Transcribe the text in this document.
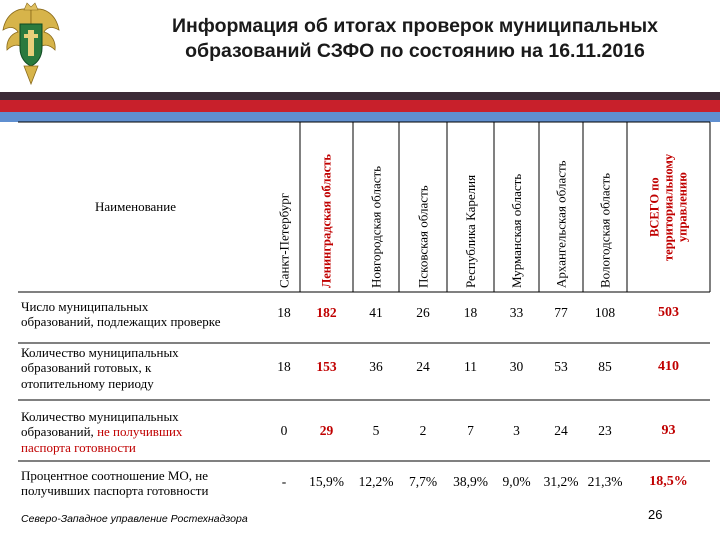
Информация об итогах проверок муниципальных
образований СЗФО по состоянию на 16.11.2016
Наименование	Санкт-Петербург	Ленинградская область	Новгородская область	Псковская область	Республика Карелия	Мурманская область	Архангельская область	Вологодская область	ВСЕГО по территориальному управлению
Число муниципальных
образований, подлежащих проверке
18	182	41	26	18	33	77	108	503
Количество муниципальных
образований готовых, к
отопительному периоду
18	153	36	24	11	30	53	85	410
Количество муниципальных
образований, не получивших
паспорта готовности
0	29	5	2	7	3	24	23	93
Процентное соотношение МО, не
получивших паспорта готовности
-	15,9%	12,2%	7,7%	38,9%	9,0% 31,2% 21,3%	18,5%
Северо-Западное управление Ростехнадзора	26
